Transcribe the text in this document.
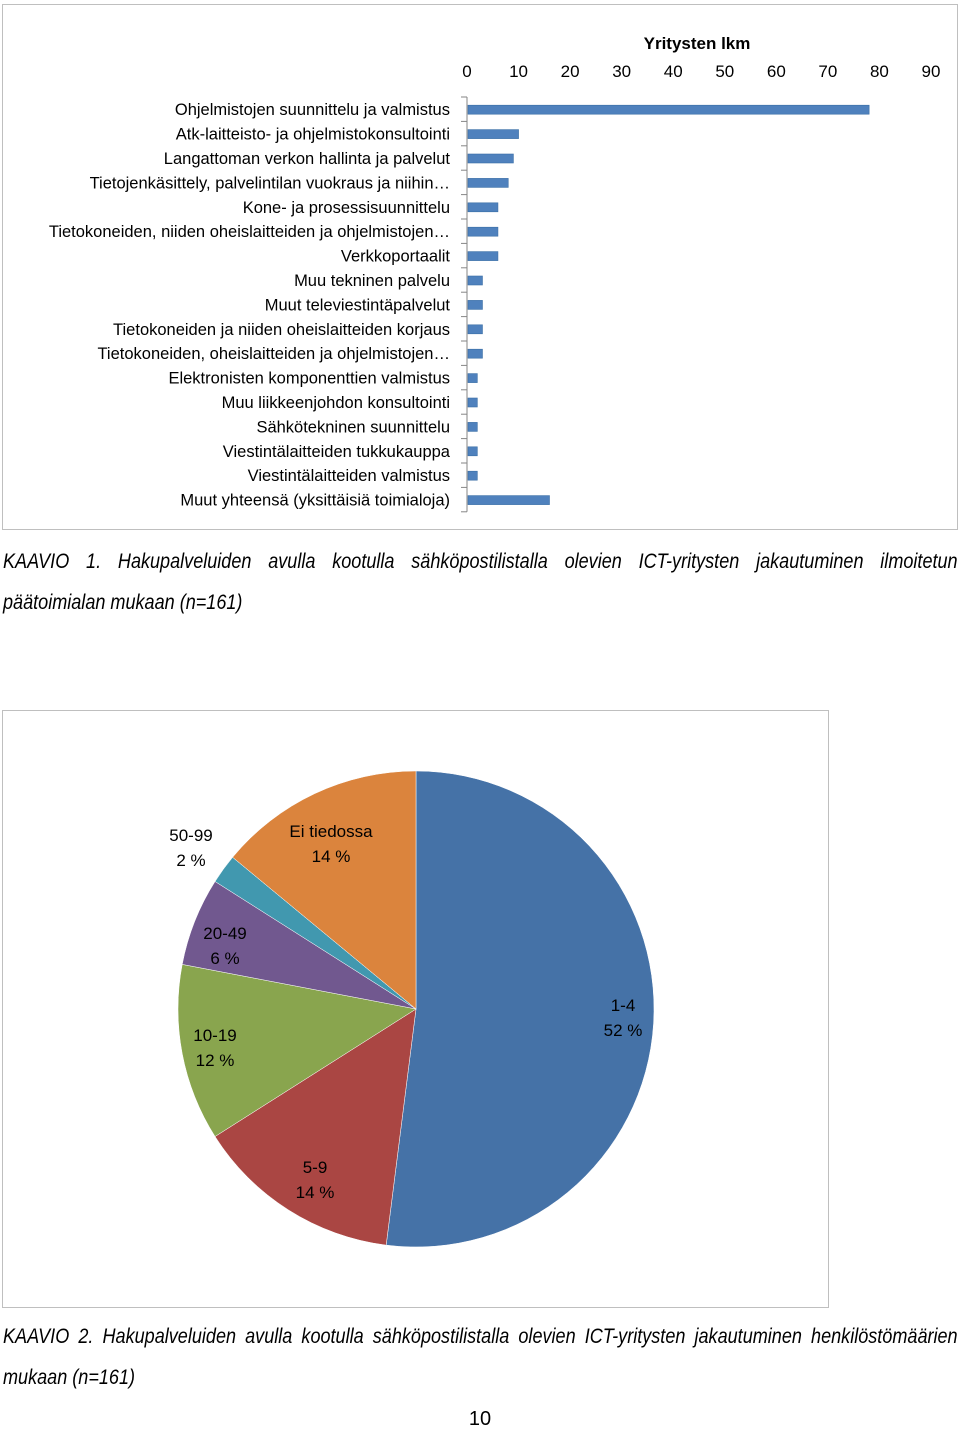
Yritysten lkm
0 10 20 30 40 50 60 70 80 90
Ohjelmistojen suunnittelu ja valmistus
Atk-laitteisto- ja ohjelmistokonsultointi
Langattoman verkon hallinta ja palvelut
Tietojenkäsittely, palvelintilan vuokraus ja niihin…
Kone- ja prosessisuunnittelu
Tietokoneiden, niiden oheislaitteiden ja ohjelmistojen…
Verkkoportaalit
Muu tekninen palvelu
Muut televiestintäpalvelut
Tietokoneiden ja niiden oheislaitteiden korjaus
Tietokoneiden, oheislaitteiden ja ohjelmistojen…
Elektronisten komponenttien valmistus
Muu liikkeenjohdon konsultointi
Sähkötekninen suunnittelu
Viestintälaitteiden tukkukauppa
Viestintälaitteiden valmistus
Muut yhteensä (yksittäisiä toimialoja)
KAAVIO 1. Hakupalveluiden avulla kootulla sähköpostilistalla olevien ICT-yritysten jakautuminen ilmoitetun päätoimialan mukaan (n=161)
1-4
52 %
5-9
14 %
10-19
12 %
20-49
6 %
50-99
2 %
Ei tiedossa
14 %
KAAVIO 2. Hakupalveluiden avulla kootulla sähköpostilistalla olevien ICT-yritysten jakautuminen henkilöstömäärien mukaan (n=161)
10
